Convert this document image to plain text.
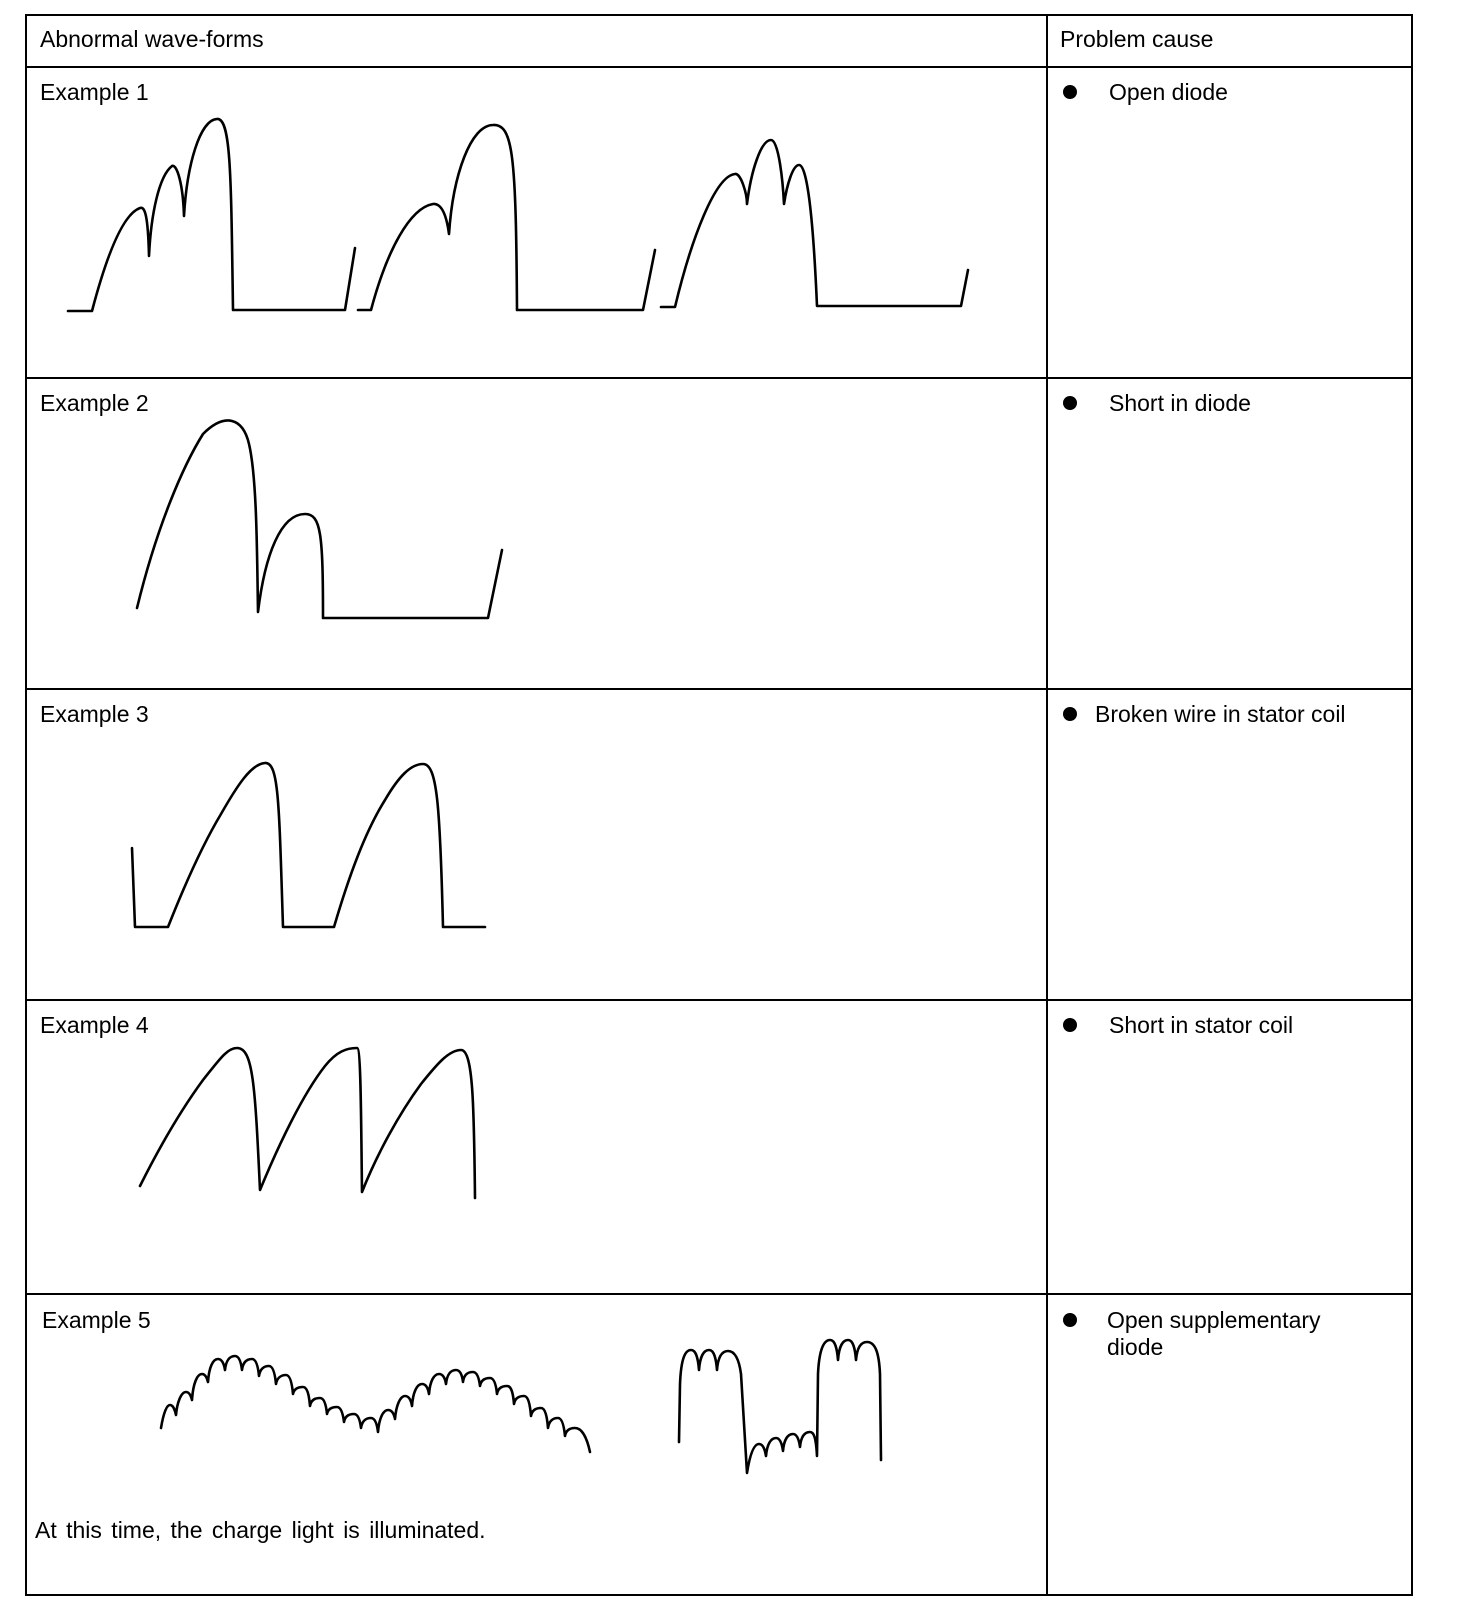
Abnormal wave-forms	Problem cause
Example 1
Example 2
Example 3
Example 4
Example 5
Open diode
Short in diode
Broken wire in stator coil
Short in stator coil
Open supplementary diode
At this time, the charge light is illuminated.
